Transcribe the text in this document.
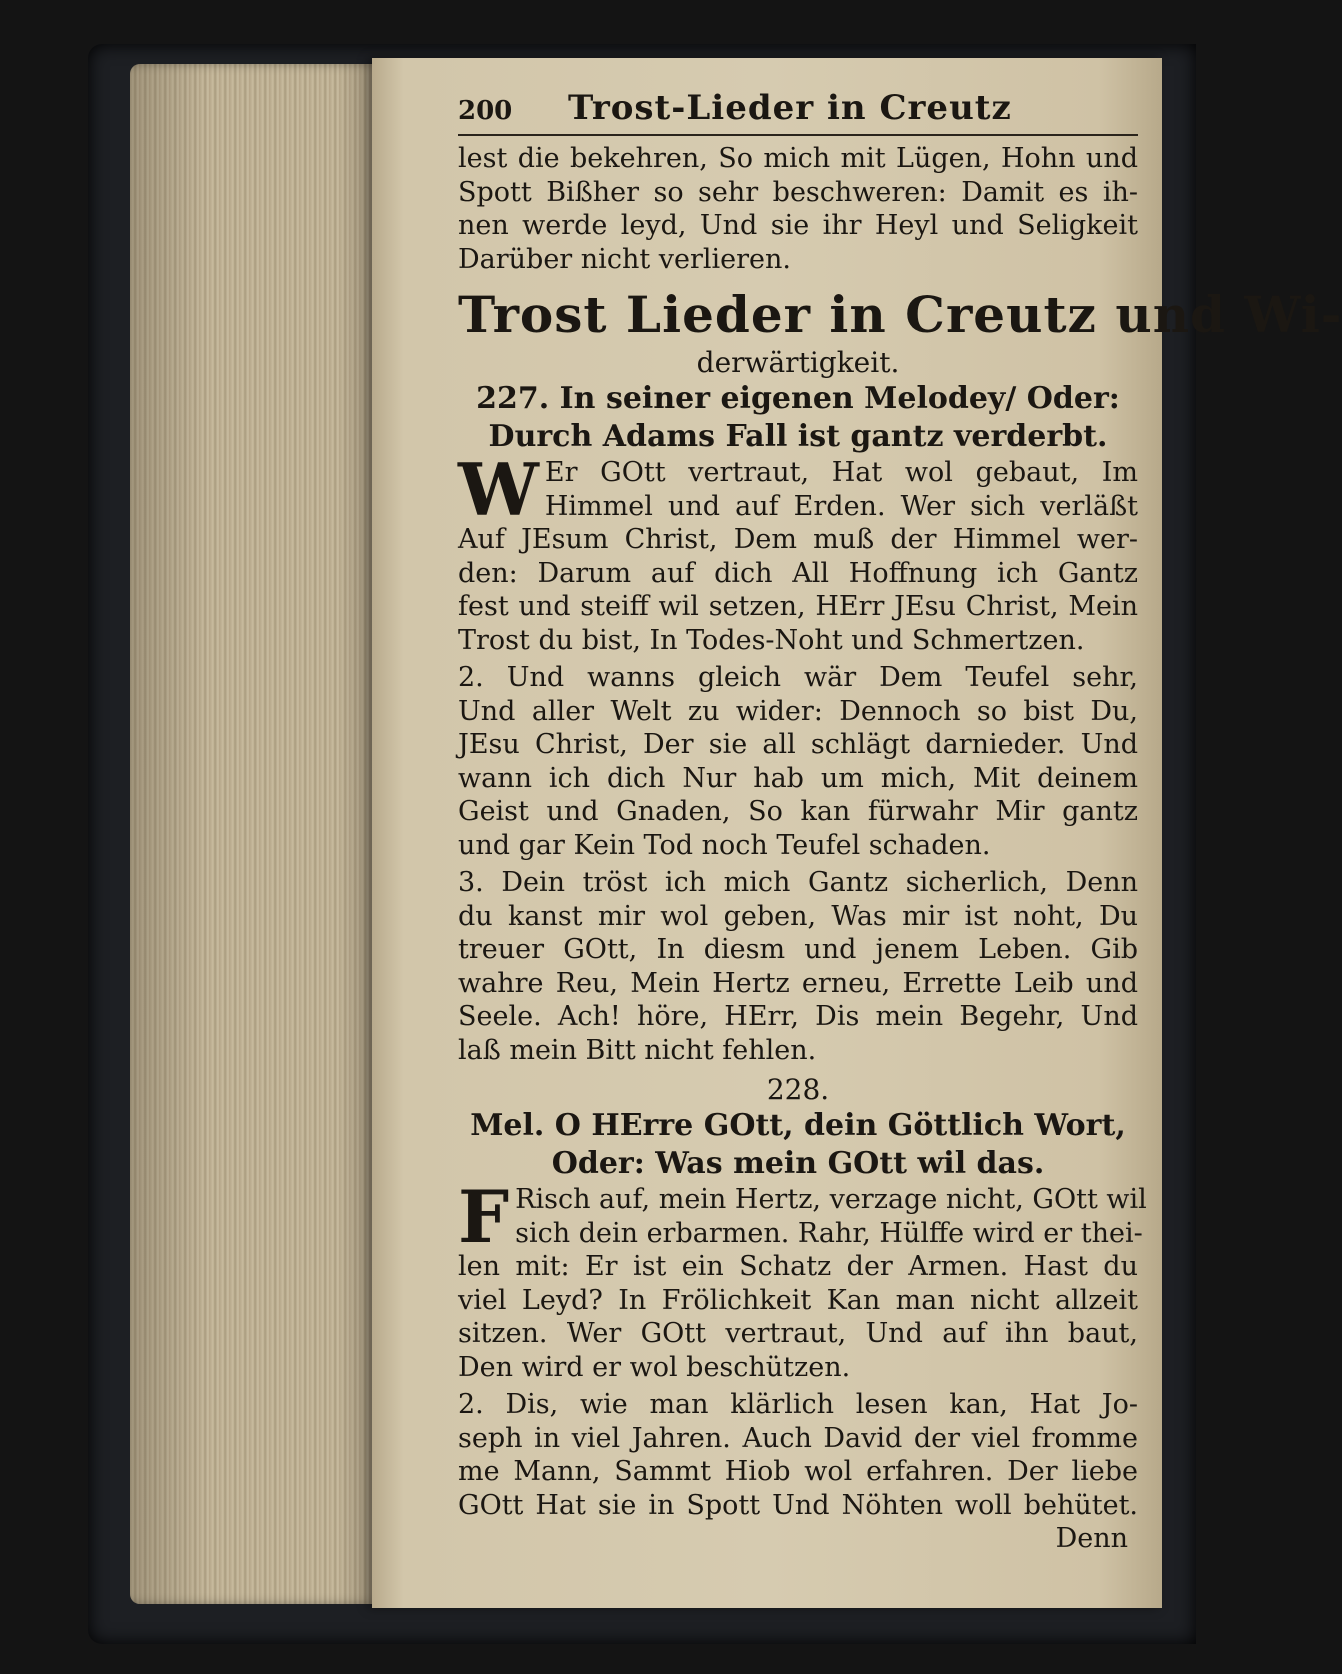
200	Trost-Lieder in Creutz
lest die bekehren, So mich mit Lügen, Hohn und
Spott Bißher so sehr beschweren: Damit es ih-
nen werde leyd, Und sie ihr Heyl und Seligkeit
Darüber nicht verlieren.
Trost Lieder in Creutz und Wi-
derwärtigkeit.
227. In seiner eigenen Melodey/ Oder:
Durch Adams Fall ist gantz verderbt.
W Er GOtt vertraut, Hat wol gebaut, Im
Himmel und auf Erden. Wer sich verläßt
Auf JEsum Christ, Dem muß der Himmel wer-
den: Darum auf dich All Hoffnung ich Gantz
fest und steiff wil setzen, HErr JEsu Christ, Mein
Trost du bist, In Todes-Noht und Schmertzen.
2. Und wanns gleich wär Dem Teufel sehr,
Und aller Welt zu wider: Dennoch so bist Du,
JEsu Christ, Der sie all schlägt darnieder. Und
wann ich dich Nur hab um mich, Mit deinem
Geist und Gnaden, So kan fürwahr Mir gantz
und gar Kein Tod noch Teufel schaden.
3. Dein tröst ich mich Gantz sicherlich, Denn
du kanst mir wol geben, Was mir ist noht, Du
treuer GOtt, In diesm und jenem Leben. Gib
wahre Reu, Mein Hertz erneu, Errette Leib und
Seele. Ach! höre, HErr, Dis mein Begehr, Und
laß mein Bitt nicht fehlen.
228.
Mel. O HErre GOtt, dein Göttlich Wort,
Oder: Was mein GOtt wil das.
F Risch auf, mein Hertz, verzage nicht, GOtt wil
sich dein erbarmen. Rahr, Hülffe wird er thei-
len mit: Er ist ein Schatz der Armen. Hast du
viel Leyd? In Frölichkeit Kan man nicht allzeit
sitzen. Wer GOtt vertraut, Und auf ihn baut,
Den wird er wol beschützen.
2. Dis, wie man klärlich lesen kan, Hat Jo-
seph in viel Jahren. Auch David der viel fromme
me Mann, Sammt Hiob wol erfahren. Der liebe
GOtt Hat sie in Spott Und Nöhten woll behütet.
Denn
